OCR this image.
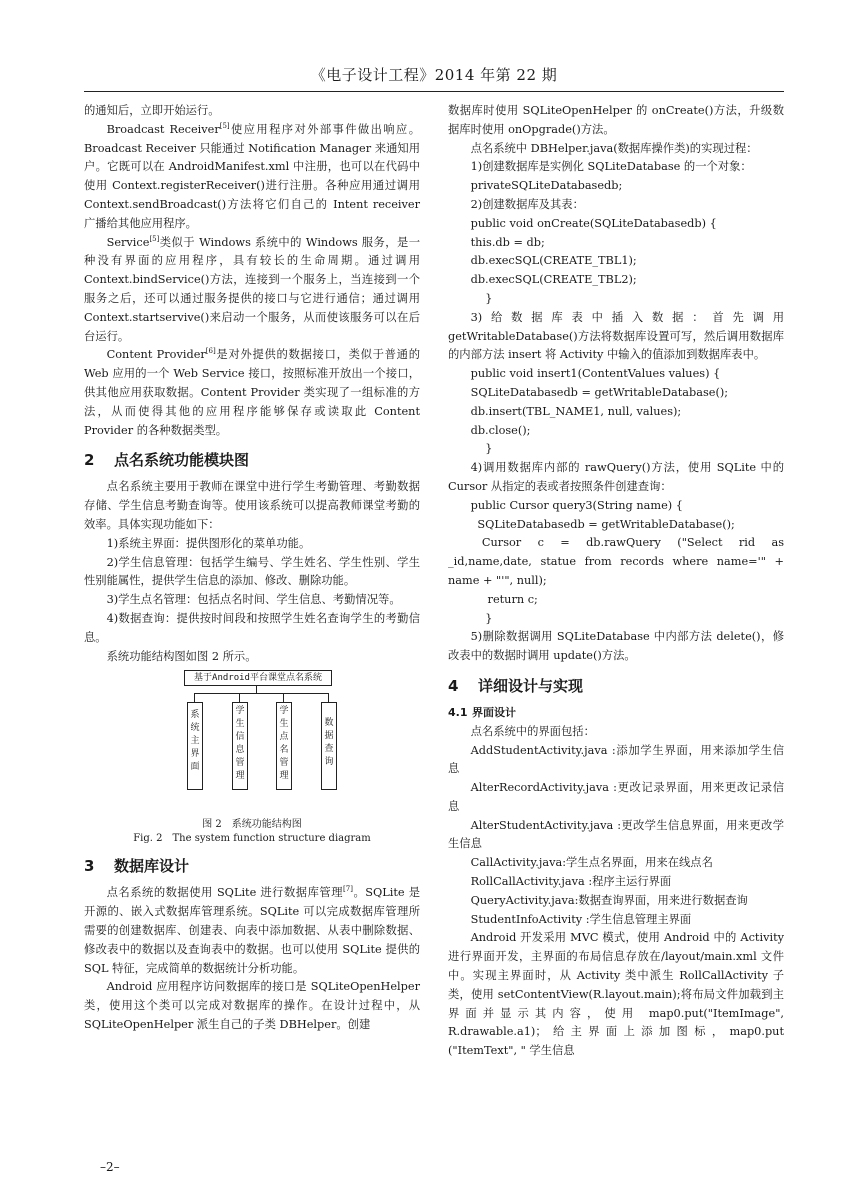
《电子设计工程》2014 年第 22 期

的通知后，立即开始运行。

Broadcast Receiver[5]使应用程序对外部事件做出响应。Broadcast Receiver 只能通过 Notification Manager 来通知用户。它既可以在 AndroidManifest.xml 中注册，也可以在代码中使用 Context.registerReceiver()进行注册。各种应用通过调用 Context.sendBroadcast()方法将它们自己的 Intent receiver 广播给其他应用程序。

Service[5]类似于 Windows 系统中的 Windows 服务，是一种没有界面的应用程序，具有较长的生命周期。通过调用 Context.bindService()方法，连接到一个服务上，当连接到一个服务之后，还可以通过服务提供的接口与它进行通信；通过调用 Context.startservive()来启动一个服务，从而使该服务可以在后台运行。

Content Provider[6]是对外提供的数据接口，类似于普通的 Web 应用的一个 Web Service 接口，按照标准开放出一个接口，供其他应用获取数据。Content Provider 类实现了一组标准的方法，从而使得其他的应用程序能够保存或读取此 Content Provider 的各种数据类型。

2 点名系统功能模块图

点名系统主要用于教师在课堂中进行学生考勤管理、考勤数据存储、学生信息考勤查询等。使用该系统可以提高教师课堂考勤的效率。具体实现功能如下：

1)系统主界面：提供图形化的菜单功能。

2)学生信息管理：包括学生编号、学生姓名、学生性别、学生性别能属性，提供学生信息的添加、修改、删除功能。

3)学生点名管理：包括点名时间、学生信息、考勤情况等。

4)数据查询：提供按时间段和按照学生姓名查询学生的考勤信息。

系统功能结构图如图 2 所示。

基于Android平台课堂点名系统
系
统
主
界
面
学
生
信
息
管
理
学
生
点
名
管
理
数
据
查
询
图 2　系统功能结构图
Fig. 2　The system function structure diagram
3 数据库设计

点名系统的数据使用 SQLite 进行数据库管理[7]。SQLite 是开源的、嵌入式数据库管理系统。SQLite 可以完成数据库管理所需要的创建数据库、创建表、向表中添加数据、从表中删除数据、修改表中的数据以及查询表中的数据。也可以使用 SQLite 提供的 SQL 特征，完成简单的数据统计分析功能。

Android 应用程序访问数据库的接口是 SQLiteOpenHelper 类，使用这个类可以完成对数据库的操作。在设计过程中，从 SQLiteOpenHelper 派生自己的子类 DBHelper。创建

数据库时使用 SQLiteOpenHelper 的 onCreate()方法，升级数据库时使用 onOpgrade()方法。

点名系统中 DBHelper.java(数据库操作类)的实现过程：

1)创建数据库是实例化 SQLiteDatabase 的一个对象：

privateSQLiteDatabasedb;

2)创建数据库及其表：

public void onCreate(SQLiteDatabasedb) {

this.db = db;

db.execSQL(CREATE_TBL1);

db.execSQL(CREATE_TBL2);

}

3)给数据库表中插入数据：首先调用 getWritableDatabase()方法将数据库设置可写，然后调用数据库的内部方法 insert 将 Activity 中输入的值添加到数据库表中。

public void insert1(ContentValues values) {

SQLiteDatabasedb = getWritableDatabase();

db.insert(TBL_NAME1, null, values);

db.close();

}

4)调用数据库内部的 rawQuery()方法，使用 SQLite 中的 Cursor 从指定的表或者按照条件创建查询：

public Cursor query3(String name) {

SQLiteDatabasedb = getWritableDatabase();

Cursor c = db.rawQuery ("Select rid as _id,name,date, statue from records where name='" + name + "'", null);

return c;

}

5)删除数据调用 SQLiteDatabase 中内部方法 delete()，修改表中的数据时调用 update()方法。

4 详细设计与实现
4.1 界面设计

点名系统中的界面包括：

AddStudentActivity.java :添加学生界面，用来添加学生信息

AlterRecordActivity.java :更改记录界面，用来更改记录信息

AlterStudentActivity.java :更改学生信息界面，用来更改学生信息

CallActivity.java:学生点名界面，用来在线点名

RollCallActivity.java :程序主运行界面

QueryActivity.java:数据查询界面，用来进行数据查询

StudentInfoActivity :学生信息管理主界面

Android 开发采用 MVC 模式，使用 Android 中的 Activity 进行界面开发，主界面的布局信息存放在/layout/main.xml 文件中。实现主界面时，从 Activity 类中派生 RollCallActivity 子类，使用 setContentView(R.layout.main);将布局文件加载到主界面并显示其内容，使用 map0.put("ItemImage", R.drawable.a1)；给主界面上添加图标，map0.put ("ItemText", " 学生信息

–2–
